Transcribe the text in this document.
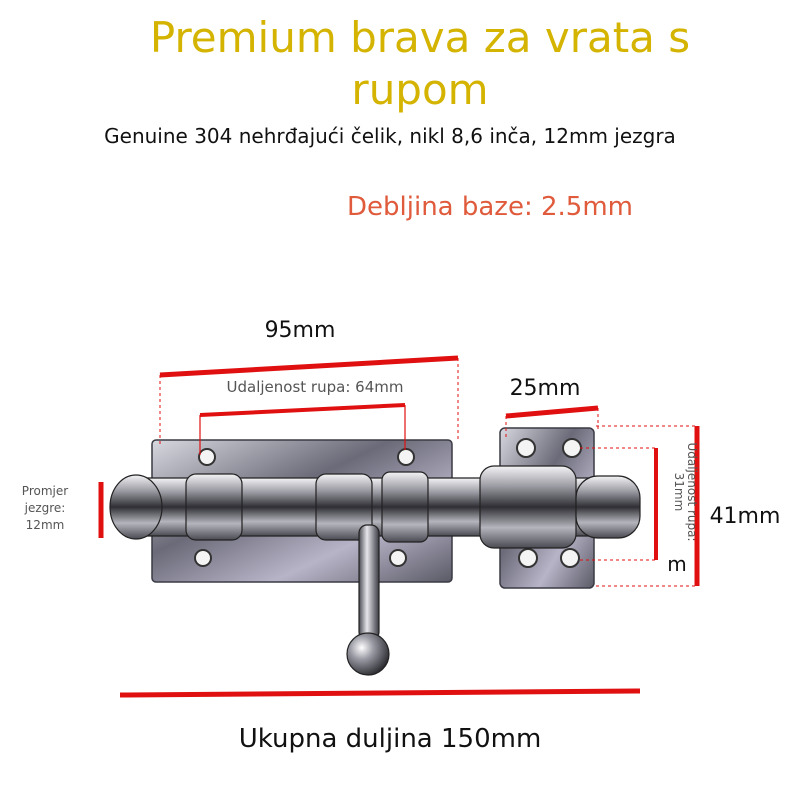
Premium brava za vrata s rupom
Genuine 304 nehrđajući čelik, nikl 8,6 inča, 12mm jezgra
Debljina baze: 2.5mm
95mm
Udaljenost rupa: 64mm	25mm
Promjer
jezgre:
12mm	Udaljenost rupa:
31mm
41mm
m
Ukupna duljina 150mm
